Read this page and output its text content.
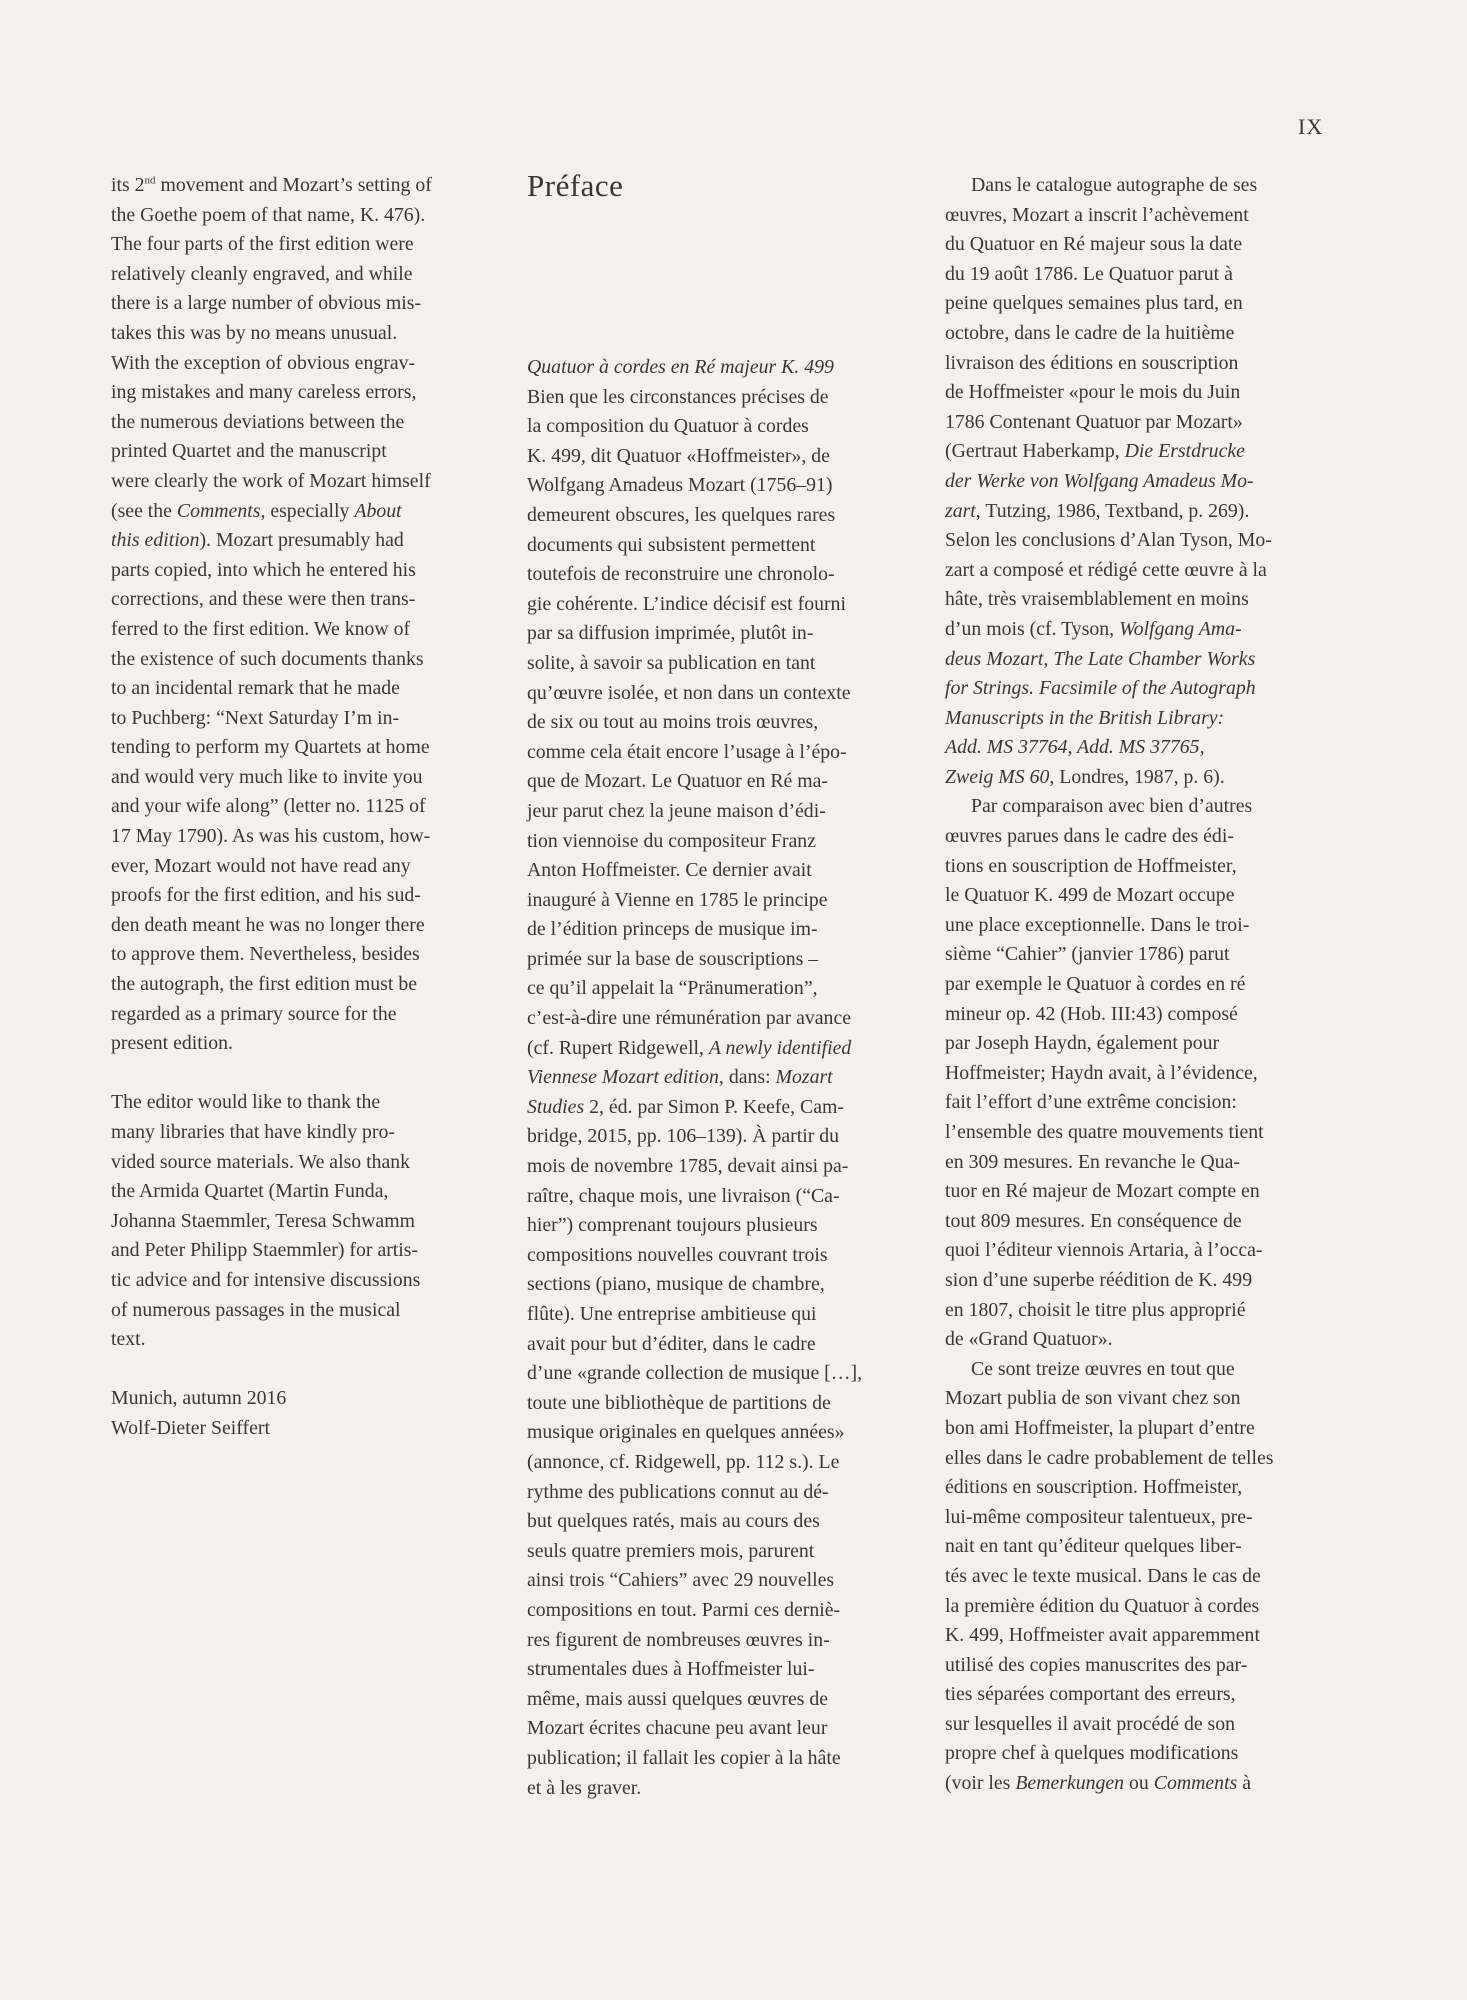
IX
its 2nd movement and Mozart’s setting of
the Goethe poem of that name, K. 476).
The four parts of the first edition were
relatively cleanly engraved, and while
there is a large number of obvious mis-
takes this was by no means unusual.
With the exception of obvious engrav-
ing mistakes and many careless errors,
the numerous deviations between the
printed Quartet and the manuscript
were clearly the work of Mozart himself
(see the Comments, especially About
this edition). Mozart presumably had
parts copied, into which he entered his
corrections, and these were then trans-
ferred to the first edition. We know of
the existence of such documents thanks
to an incidental remark that he made
to Puchberg: “Next Saturday I’m in-
tending to perform my Quartets at home
and would very much like to invite you
and your wife along” (letter no. 1125 of
17 May 1790). As was his custom, how-
ever, Mozart would not have read any
proofs for the first edition, and his sud-
den death meant he was no longer there
to approve them. Nevertheless, besides
the autograph, the first edition must be
regarded as a primary source for the
present edition.
The editor would like to thank the
many libraries that have kindly pro-
vided source materials. We also thank
the Armida Quartet (Martin Funda,
Johanna Staemmler, Teresa Schwamm
and Peter Philipp Staemmler) for artis-
tic advice and for intensive discussions
of numerous passages in the musical
text.
Munich, autumn 2016
Wolf-Dieter Seiffert
Préface
Quatuor à cordes en Ré majeur K. 499
Bien que les circonstances précises de
la composition du Quatuor à cordes
K. 499, dit Quatuor «Hoffmeister», de
Wolfgang Amadeus Mozart (1756–91)
demeurent obscures, les quelques rares
documents qui subsistent permettent
toutefois de reconstruire une chronolo-
gie cohérente. L’indice décisif est fourni
par sa diffusion imprimée, plutôt in-
solite, à savoir sa publication en tant
qu’œuvre isolée, et non dans un contexte
de six ou tout au moins trois œuvres,
comme cela était encore l’usage à l’épo-
que de Mozart. Le Quatuor en Ré ma-
jeur parut chez la jeune maison d’édi-
tion viennoise du compositeur Franz
Anton Hoffmeister. Ce dernier avait
inauguré à Vienne en 1785 le principe
de l’édition princeps de musique im-
primée sur la base de souscriptions –
ce qu’il appelait la “Pränumeration”,
c’est-à-dire une rémunération par avance
(cf. Rupert Ridgewell, A newly identified
Viennese Mozart edition, dans: Mozart
Studies 2, éd. par Simon P. Keefe, Cam-
bridge, 2015, pp. 106–139). À partir du
mois de novembre 1785, devait ainsi pa-
raître, chaque mois, une livraison (“Ca-
hier”) comprenant toujours plusieurs
compositions nouvelles couvrant trois
sections (piano, musique de chambre,
flûte). Une entreprise ambitieuse qui
avait pour but d’éditer, dans le cadre
d’une «grande collection de musique […],
toute une bibliothèque de partitions de
musique originales en quelques années»
(annonce, cf. Ridgewell, pp. 112 s.). Le
rythme des publications connut au dé-
but quelques ratés, mais au cours des
seuls quatre premiers mois, parurent
ainsi trois “Cahiers” avec 29 nouvelles
compositions en tout. Parmi ces derniè-
res figurent de nombreuses œuvres in-
strumentales dues à Hoffmeister lui-
même, mais aussi quelques œuvres de
Mozart écrites chacune peu avant leur
publication; il fallait les copier à la hâte
et à les graver.
Dans le catalogue autographe de ses
œuvres, Mozart a inscrit l’achèvement
du Quatuor en Ré majeur sous la date
du 19 août 1786. Le Quatuor parut à
peine quelques semaines plus tard, en
octobre, dans le cadre de la huitième
livraison des éditions en souscription
de Hoffmeister «pour le mois du Juin
1786 Contenant Quatuor par Mozart»
(Gertraut Haberkamp, Die Erstdrucke
der Werke von Wolfgang Amadeus Mo-
zart, Tutzing, 1986, Textband, p. 269).
Selon les conclusions d’Alan Tyson, Mo-
zart a composé et rédigé cette œuvre à la
hâte, très vraisemblablement en moins
d’un mois (cf. Tyson, Wolfgang Ama-
deus Mozart, The Late Chamber Works
for Strings. Facsimile of the Autograph
Manuscripts in the British Library:
Add. MS 37764, Add. MS 37765,
Zweig MS 60, Londres, 1987, p. 6).
Par comparaison avec bien d’autres
œuvres parues dans le cadre des édi-
tions en souscription de Hoffmeister,
le Quatuor K. 499 de Mozart occupe
une place exceptionnelle. Dans le troi-
sième “Cahier” (janvier 1786) parut
par exemple le Quatuor à cordes en ré
mineur op. 42 (Hob. III:43) composé
par Joseph Haydn, également pour
Hoffmeister; Haydn avait, à l’évidence,
fait l’effort d’une extrême concision:
l’ensemble des quatre mouvements tient
en 309 mesures. En revanche le Qua-
tuor en Ré majeur de Mozart compte en
tout 809 mesures. En conséquence de
quoi l’éditeur viennois Artaria, à l’occa-
sion d’une superbe réédition de K. 499
en 1807, choisit le titre plus approprié
de «Grand Quatuor».
Ce sont treize œuvres en tout que
Mozart publia de son vivant chez son
bon ami Hoffmeister, la plupart d’entre
elles dans le cadre probablement de telles
éditions en souscription. Hoffmeister,
lui-même compositeur talentueux, pre-
nait en tant qu’éditeur quelques liber-
tés avec le texte musical. Dans le cas de
la première édition du Quatuor à cordes
K. 499, Hoffmeister avait apparemment
utilisé des copies manuscrites des par-
ties séparées comportant des erreurs,
sur lesquelles il avait procédé de son
propre chef à quelques modifications
(voir les Bemerkungen ou Comments à
